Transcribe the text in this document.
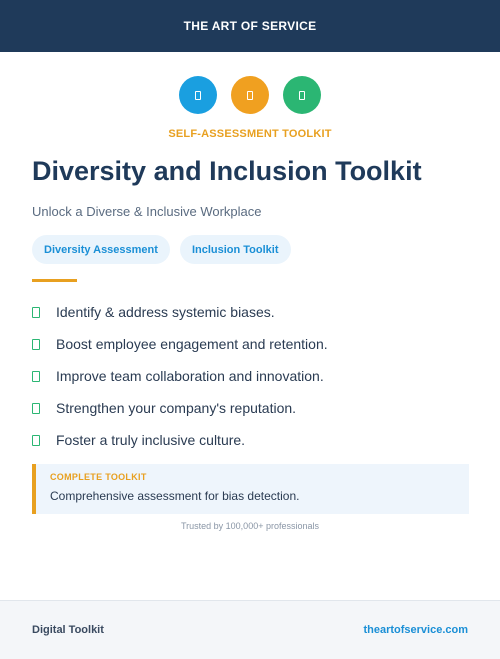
THE ART OF SERVICE
SELF-ASSESSMENT TOOLKIT
Diversity and Inclusion Toolkit
Unlock a Diverse & Inclusive Workplace
Diversity Assessment	Inclusion Toolkit
Identify & address systemic biases.
Boost employee engagement and retention.
Improve team collaboration and innovation.
Strengthen your company's reputation.
Foster a truly inclusive culture.
COMPLETE TOOLKIT
Comprehensive assessment for bias detection.
Trusted by 100,000+ professionals
Digital Toolkit	theartofservice.com
